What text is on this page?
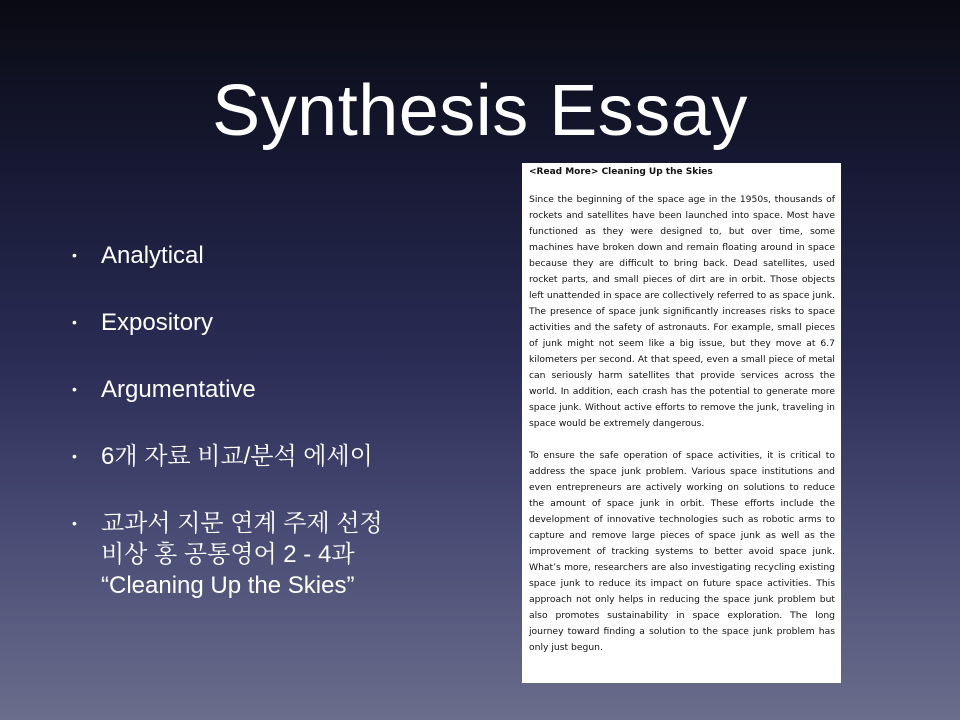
Synthesis Essay
• Analytical
• Expository
• Argumentative
• 6개 자료 비교/분석 에세이
• 교과서 지문 연계 주제 선정
비상 홍 공통영어 2 - 4과
“Cleaning Up the Skies”
<Read More> Cleaning Up the Skies

Since the beginning of the space age in the 1950s, thousands of rockets and satellites have been launched into space. Most have functioned as they were designed to, but over time, some machines have broken down and remain floating around in space because they are difficult to bring back. Dead satellites, used rocket parts, and small pieces of dirt are in orbit. Those objects left unattended in space are collectively referred to as space junk. The presence of space junk significantly increases risks to space activities and the safety of astronauts. For example, small pieces of junk might not seem like a big issue, but they move at 6.7 kilometers per second. At that speed, even a small piece of metal can seriously harm satellites that provide services across the world. In addition, each crash has the potential to generate more space junk. Without active efforts to remove the junk, traveling in space would be extremely dangerous.

To ensure the safe operation of space activities, it is critical to address the space junk problem. Various space institutions and even entrepreneurs are actively working on solutions to reduce the amount of space junk in orbit. These efforts include the development of innovative technologies such as robotic arms to capture and remove large pieces of space junk as well as the improvement of tracking systems to better avoid space junk. What’s more, researchers are also investigating recycling existing space junk to reduce its impact on future space activities. This approach not only helps in reducing the space junk problem but also promotes sustainability in space exploration. The long journey toward finding a solution to the space junk problem has only just begun.
